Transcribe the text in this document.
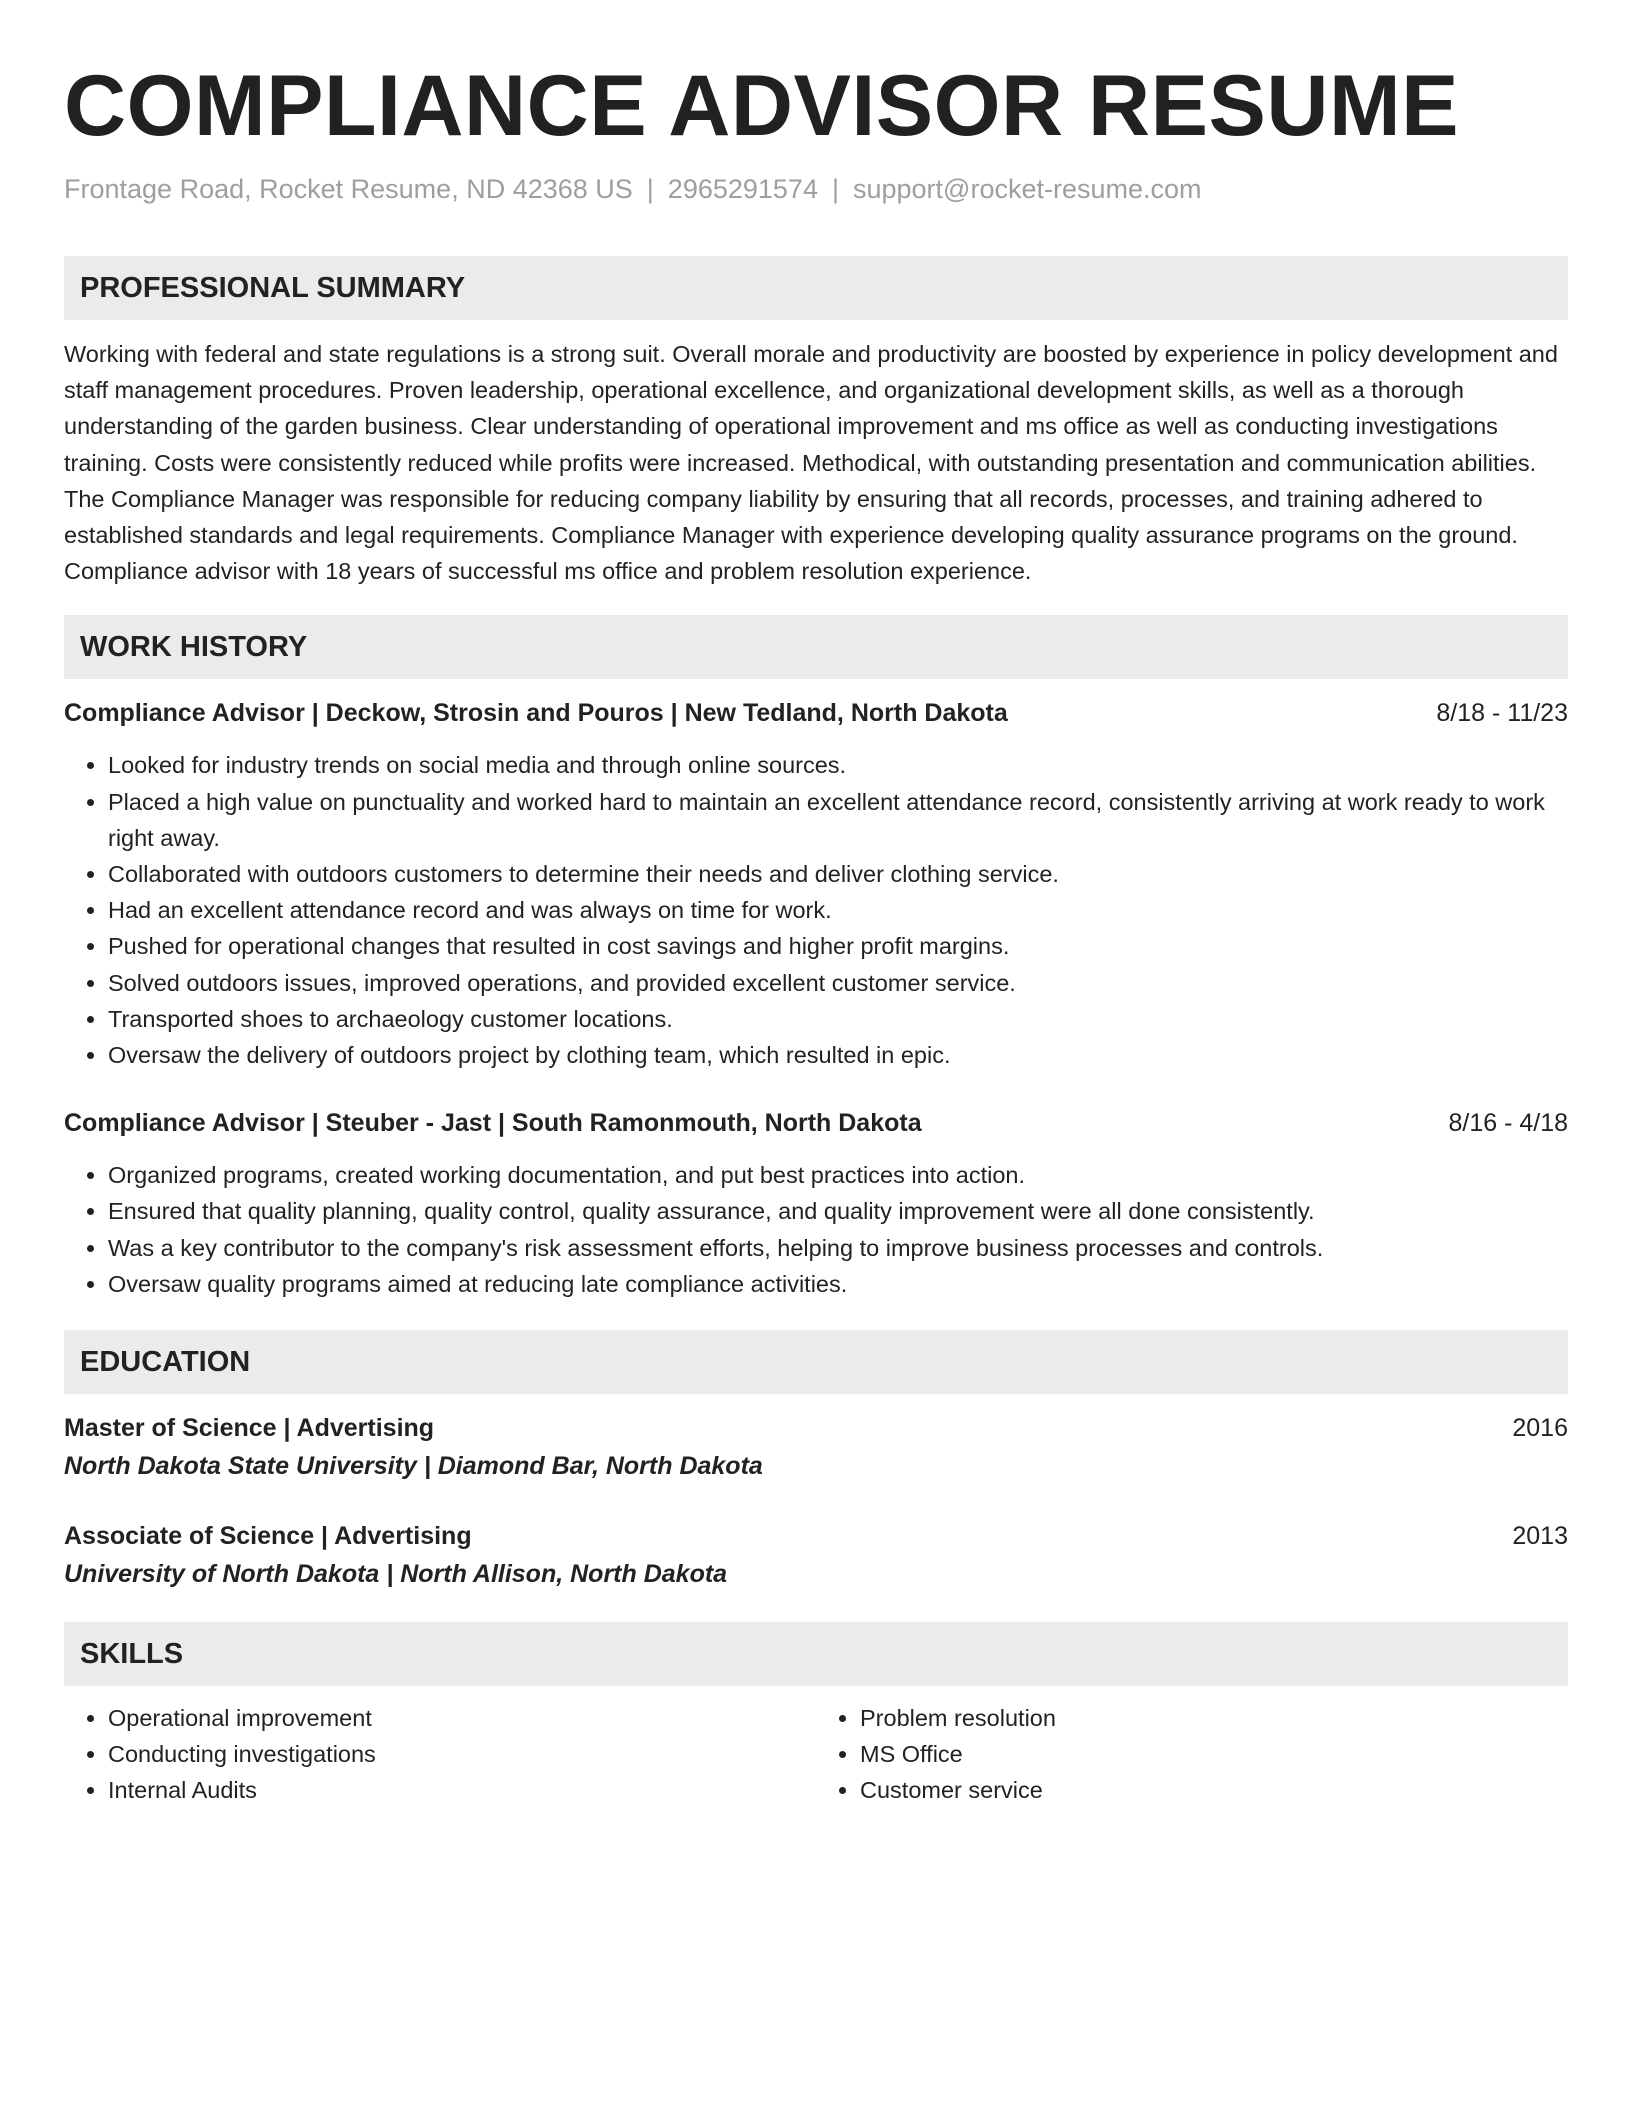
COMPLIANCE ADVISOR RESUME
Frontage Road, Rocket Resume, ND 42368 US | 2965291574 | support@rocket-resume.com
PROFESSIONAL SUMMARY
Working with federal and state regulations is a strong suit. Overall morale and productivity are boosted by experience in policy development and staff management procedures. Proven leadership, operational excellence, and organizational development skills, as well as a thorough understanding of the garden business. Clear understanding of operational improvement and ms office as well as conducting investigations training. Costs were consistently reduced while profits were increased. Methodical, with outstanding presentation and communication abilities. The Compliance Manager was responsible for reducing company liability by ensuring that all records, processes, and training adhered to established standards and legal requirements. Compliance Manager with experience developing quality assurance programs on the ground. Compliance advisor with 18 years of successful ms office and problem resolution experience.
WORK HISTORY
Compliance Advisor | Deckow, Strosin and Pouros | New Tedland, North Dakota	8/18 - 11/23
• Looked for industry trends on social media and through online sources.
• Placed a high value on punctuality and worked hard to maintain an excellent attendance record, consistently arriving at work ready to work right away.
• Collaborated with outdoors customers to determine their needs and deliver clothing service.
• Had an excellent attendance record and was always on time for work.
• Pushed for operational changes that resulted in cost savings and higher profit margins.
• Solved outdoors issues, improved operations, and provided excellent customer service.
• Transported shoes to archaeology customer locations.
• Oversaw the delivery of outdoors project by clothing team, which resulted in epic.
Compliance Advisor | Steuber - Jast | South Ramonmouth, North Dakota	8/16 - 4/18
• Organized programs, created working documentation, and put best practices into action.
• Ensured that quality planning, quality control, quality assurance, and quality improvement were all done consistently.
• Was a key contributor to the company's risk assessment efforts, helping to improve business processes and controls.
• Oversaw quality programs aimed at reducing late compliance activities.
EDUCATION
Master of Science | Advertising	2016
North Dakota State University | Diamond Bar, North Dakota
Associate of Science | Advertising	2013
University of North Dakota | North Allison, North Dakota
SKILLS
• Operational improvement
• Conducting investigations
• Internal Audits
• Problem resolution
• MS Office
• Customer service
